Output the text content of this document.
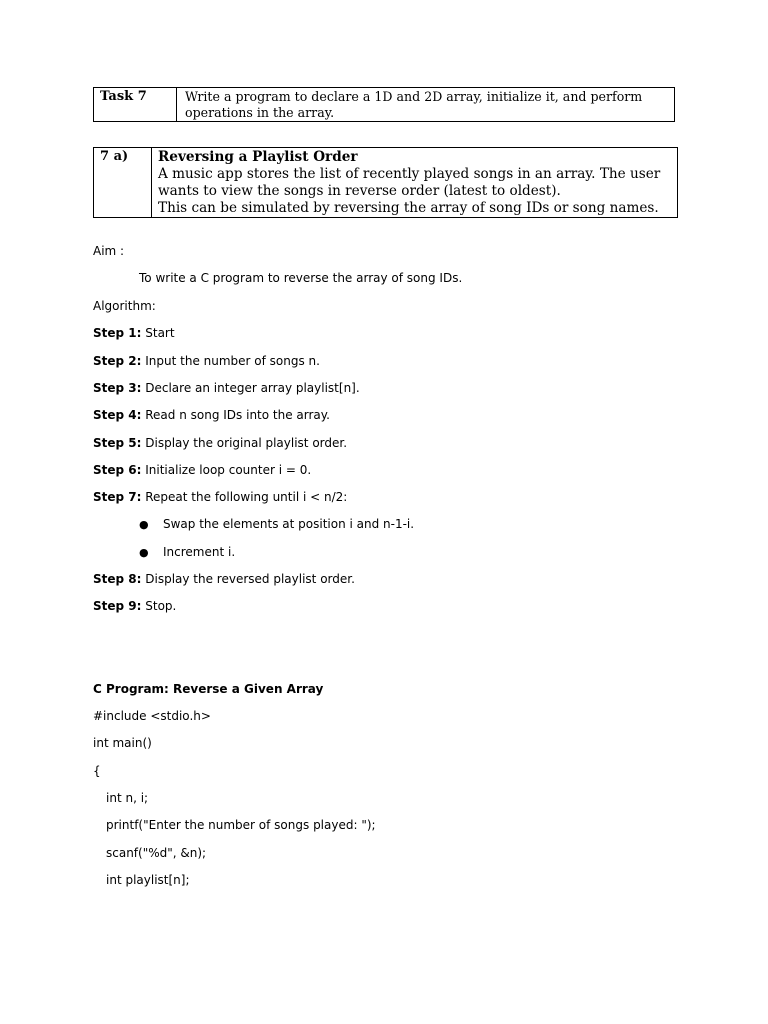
Task 7	Write a program to declare a 1D and 2D array, initialize it, and perform operations in the array.
7 a)	Reversing a Playlist Order
A music app stores the list of recently played songs in an array. The user wants to view the songs in reverse order (latest to oldest).
This can be simulated by reversing the array of song IDs or song names.
Aim :
To write a C program to reverse the array of song IDs.
Algorithm:
Step 1: Start
Step 2: Input the number of songs n.
Step 3: Declare an integer array playlist[n].
Step 4: Read n song IDs into the array.
Step 5: Display the original playlist order.
Step 6: Initialize loop counter i = 0.
Step 7: Repeat the following until i < n/2:
● Swap the elements at position i and n-1-i.
● Increment i.
Step 8: Display the reversed playlist order.
Step 9: Stop.
C Program: Reverse a Given Array
#include <stdio.h>
int main()
{
int n, i;
printf("Enter the number of songs played: ");
scanf("%d", &n);
int playlist[n];
